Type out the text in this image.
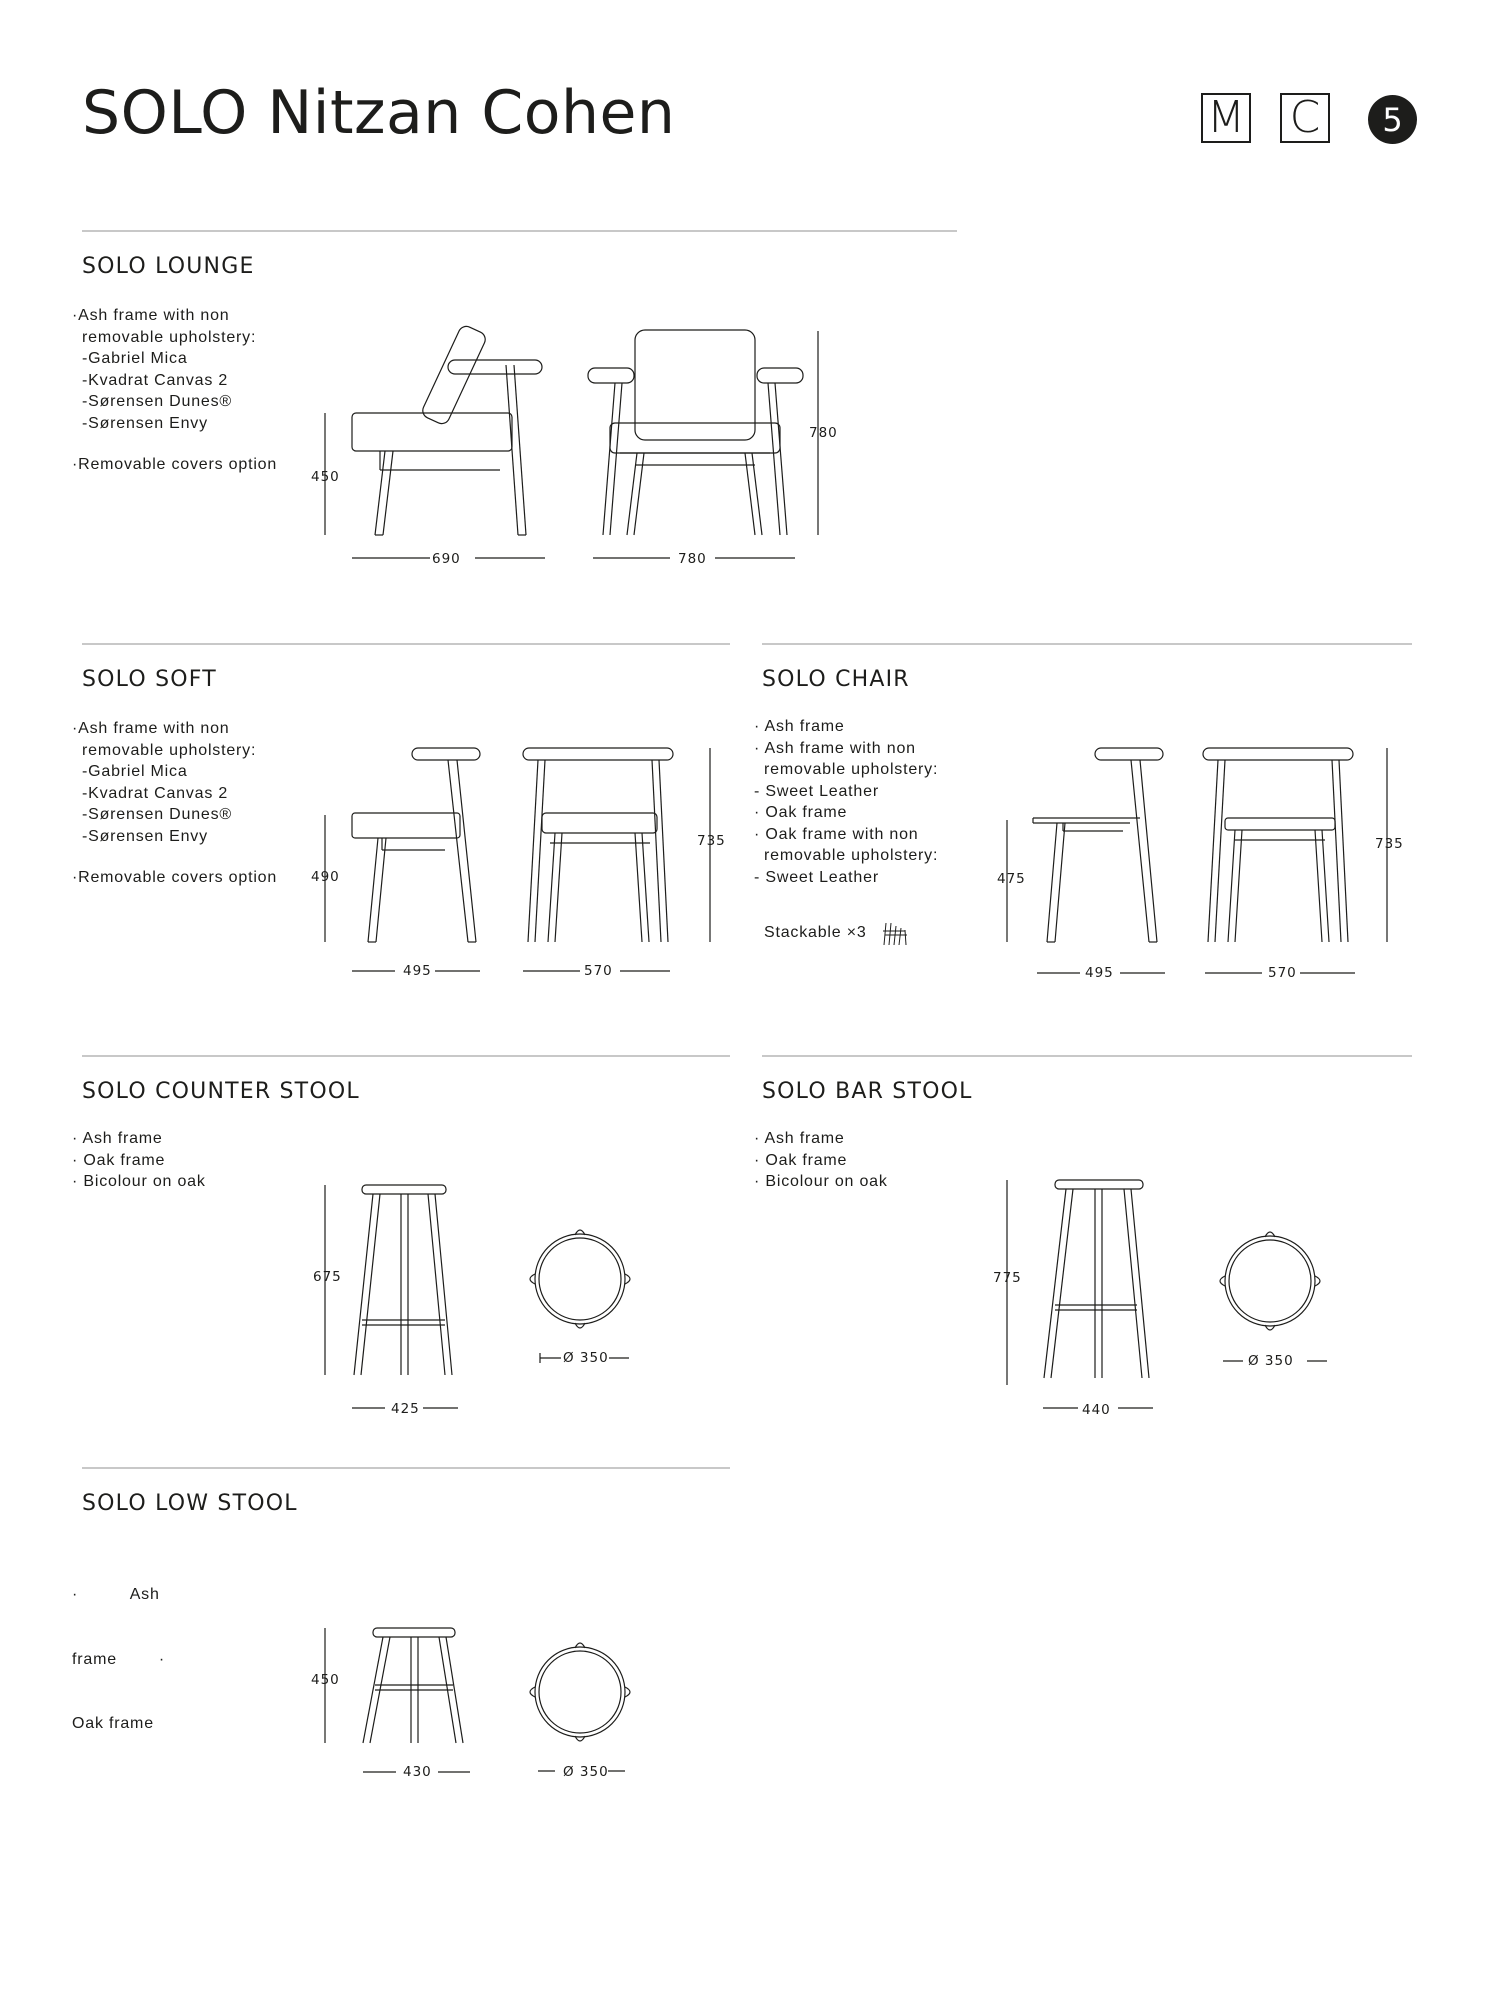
SOLO Nitzan Cohen	M C	5
SOLO LOUNGE
·Ash frame with non
removable upholstery:
-Gabriel Mica
-Kvadrat Canvas 2
-Sørensen Dunes®
-Sørensen Envy
·Removable covers option
450
690
780
780
SOLO SOFT
·Ash frame with non
removable upholstery:
-Gabriel Mica
-Kvadrat Canvas 2
-Sørensen Dunes®
-Sørensen Envy
·Removable covers option	490
495
735
570
SOLO CHAIR
· Ash frame
· Ash frame with non
removable upholstery:
- Sweet Leather
· Oak frame
· Oak frame with non
removable upholstery:
- Sweet Leather
Stackable ×3
475
495
735
570
SOLO COUNTER STOOL
· Ash frame
· Oak frame
· Bicolour on oak
675
425
Ø 350
SOLO BAR STOOL
· Ash frame
· Oak frame
· Bicolour on oak
775
440
Ø 350
SOLO LOW STOOL

·          Ash

frame        ·

Oak frame

450
430	Ø 350
